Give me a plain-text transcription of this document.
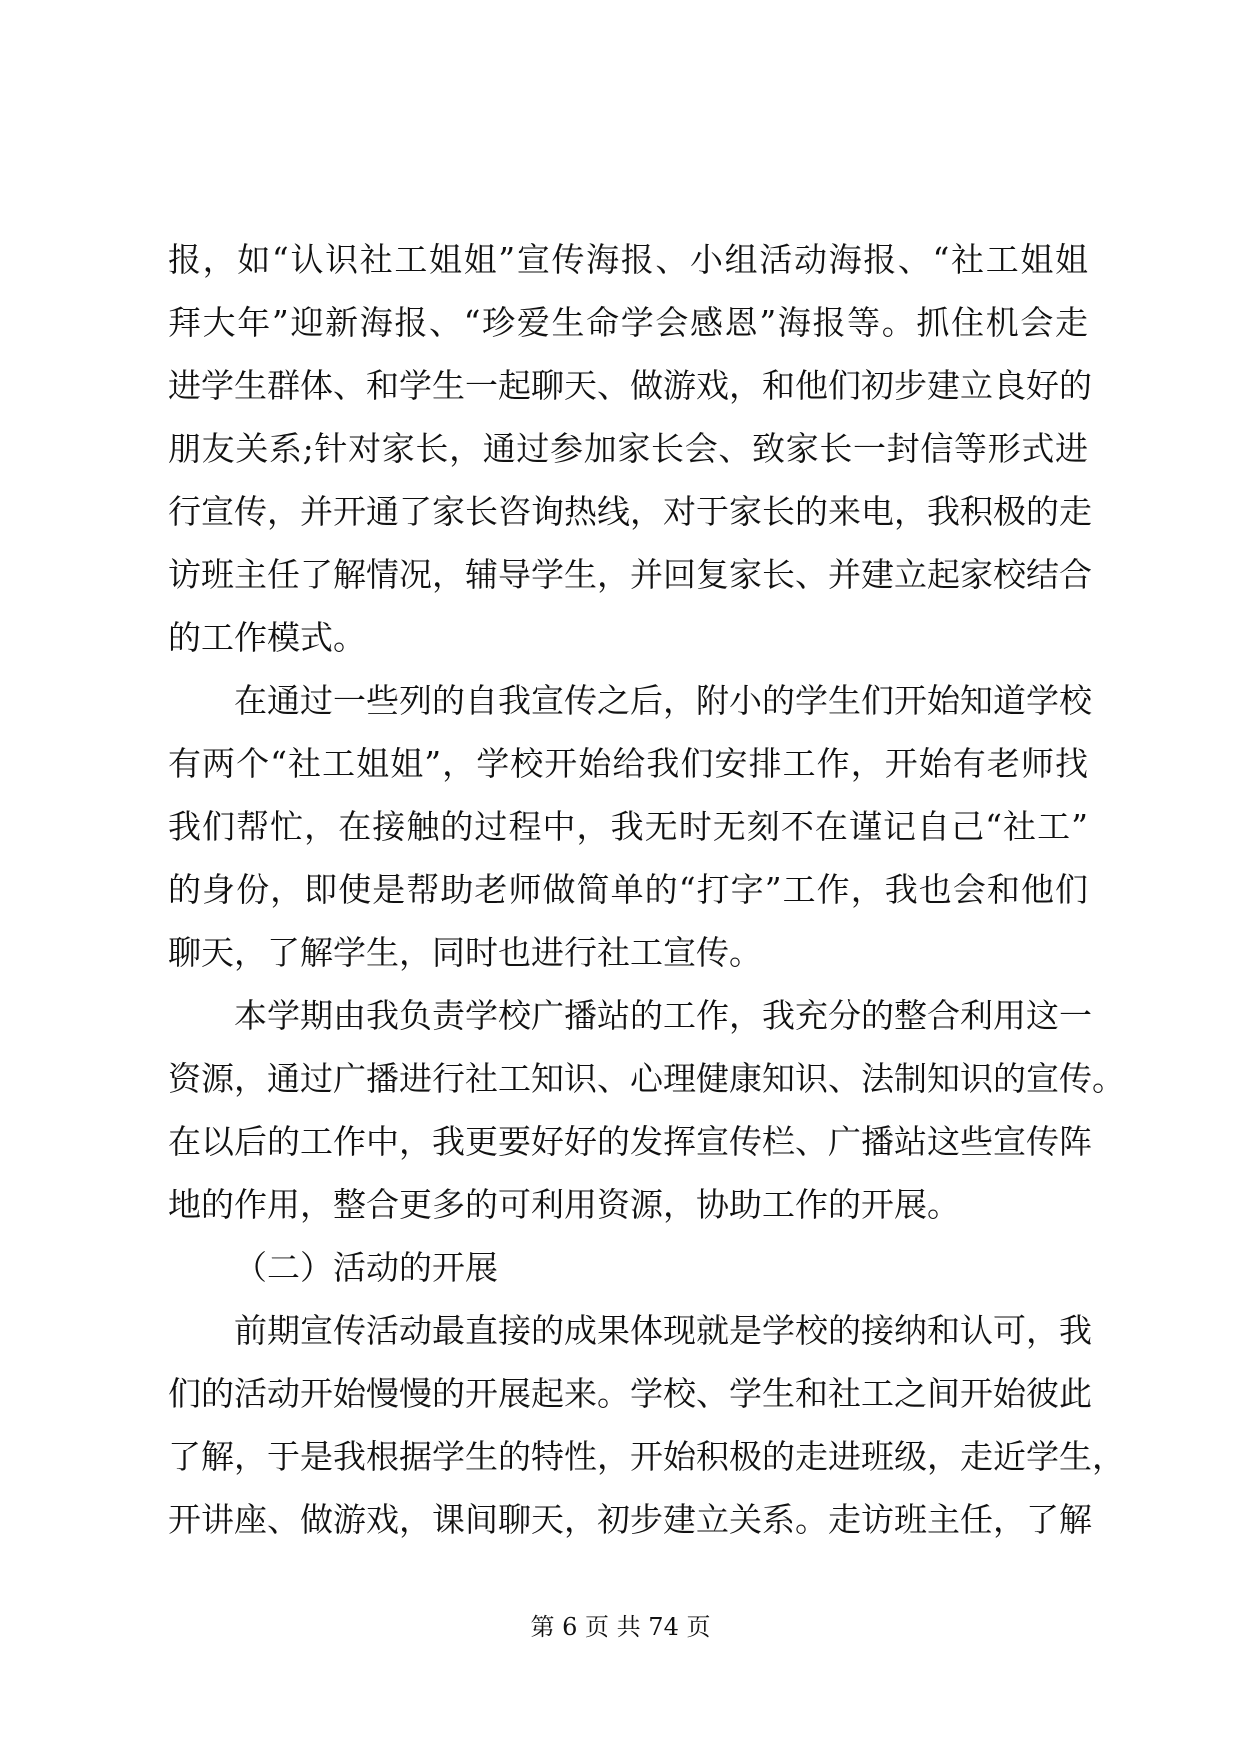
报，如“认识社工姐姐”宣传海报、小组活动海报、“社工姐姐
拜大年”迎新海报、“珍爱生命学会感恩”海报等。抓住机会走
进学生群体、和学生一起聊天、做游戏，和他们初步建立良好的
朋友关系;针对家长，通过参加家长会、致家长一封信等形式进
行宣传，并开通了家长咨询热线，对于家长的来电，我积极的走
访班主任了解情况，辅导学生，并回复家长、并建立起家校结合
的工作模式。
　　在通过一些列的自我宣传之后，附小的学生们开始知道学校
有两个“社工姐姐”，学校开始给我们安排工作，开始有老师找
我们帮忙，在接触的过程中，我无时无刻不在谨记自己“社工”
的身份，即使是帮助老师做简单的“打字”工作，我也会和他们
聊天，了解学生，同时也进行社工宣传。
　　本学期由我负责学校广播站的工作，我充分的整合利用这一
资源，通过广播进行社工知识、心理健康知识、法制知识的宣传。
在以后的工作中，我更要好好的发挥宣传栏、广播站这些宣传阵
地的作用，整合更多的可利用资源，协助工作的开展。
（二）活动的开展
　　前期宣传活动最直接的成果体现就是学校的接纳和认可，我
们的活动开始慢慢的开展起来。学校、学生和社工之间开始彼此
了解，于是我根据学生的特性，开始积极的走进班级，走近学生，
开讲座、做游戏，课间聊天，初步建立关系。走访班主任，了解
第 6 页 共 74 页
